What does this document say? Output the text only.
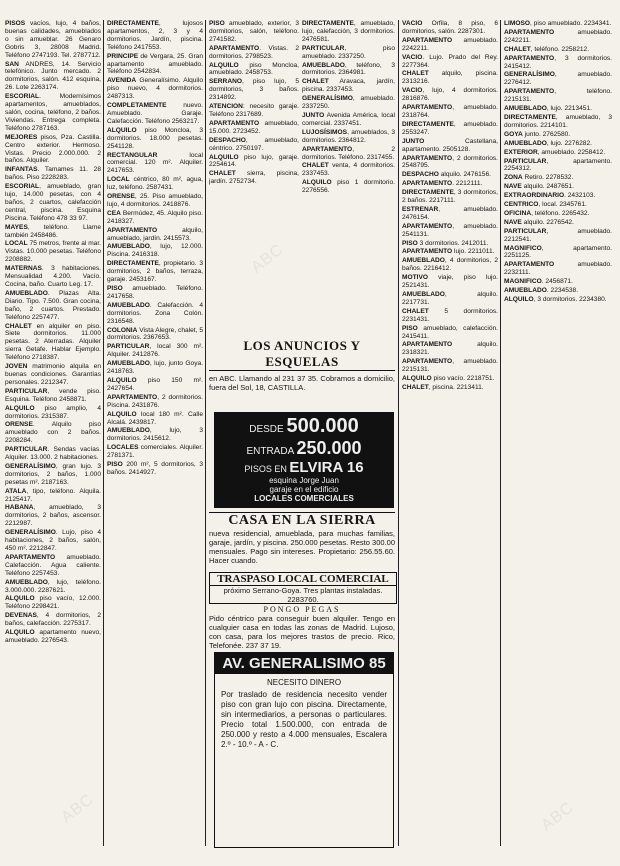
PISOS vacíos, lujo, 4 baños, buenas calidades, amueblados o sin amueblar. 26 Genaro Gobris 3, 28008 Madrid. Teléfono 2747193. Tel. 2787712.

SAN ANDRES, 14. Servicio telefónico. Junto mercado. 2 dormitorios, salón. 412 esquina, 26. Lote 2263174.

ESCORIAL. Modernísimos apartamentos, amueblados, salón, cocina, teléfono, 2 baños. Viviendas. Entrega completa. Teléfono 2787163.

MEJORES pisos, Pza. Castilla. Centro exterior. Hermoso. Vistas. Precio 2.000.000. 2 baños. Alquiler.

INFANTAS. Tamames 11. 28 baños. Piso 2228283.

ESCORIAL, amueblado, gran lujo, 14.000 pesetas, con 4 baños, 2 cuartos, calefacción central, piscina. Esquina Piscina. Teléfono 478 33 97.

MAYES, teléfono. Llame también 2458486.

LOCAL 75 metros, frente al mar. Vistas. 10.000 pesetas. Teléfono 2208882.

MATERNAS. 3 habitaciones. Mensualidad 4.200. Vacío. Cocina, baño. Cuarto Leg. 17.

AMUEBLADO. Plazas Alta. Diario. Tipo. 7.500. Gran cocina, baño, 2 cuartos. Prestado. Teléfono 2257477.

CHALET en alquiler en piso. Siete dormitorios. 11.000 pesetas. 2 Aterradas. Alquiler sierra Getafe. Hablar Ejemplo. Teléfono 2718387.

JOVEN matrimonio alquila en buenas condiciones. Garantías personales. 2212347.

PARTICULAR, vende piso. Esquina. Teléfono 2458871.

ALQUILO piso amplio, 4 dormitorios. 2315387.

ORENSE. Alquilo piso amueblado con 2 baños. 2208284.

PARTICULAR. Sendas vacías. Alquiler. 13.000. 2 habitaciones.

GENERALÍSIMO, gran lujo. 3 dormitorios, 2 baños, 1.000 pesetas m². 2187163.

ATALA, tipo, teléfono. Alquila. 2125417.

HABANA, amueblado, 3 dormitorios, 2 baños, ascensor. 2212987.

GENERALÍSIMO. Lujo, piso 4 habitaciones, 2 baños, salón, 450 m². 2212847.

APARTAMENTO amueblado. Calefacción. Agua caliente. Teléfono 2257453.

AMUEBLADO, lujo, teléfono. 3.000.000. 2287621.

ALQUILO piso vacío, 12.000. Teléfono 2298421.

DEVENAS, 4 dormitorios, 2 baños, calefacción. 2275317.

ALQUILO apartamento nuevo, amueblado. 2276543.

DIRECTAMENTE, lujosos apartamentos, 2, 3 y 4 dormitorios. Jardín, piscina. Teléfono 2417553.

PRINCIPE de Vergara, 25. Gran apartamento amueblado. Teléfono 2542834.

AVENIDA Generalísimo. Alquilo piso nuevo, 4 dormitorios. 2487313.

COMPLETAMENTE nuevo. Amueblado. Garaje. Calefacción. Teléfono 2563217.

ALQUILO piso Moncloa, 3 dormitorios. 18.000 pesetas. 2541128.

RECTANGULAR local comercial. 120 m². Alquiler. 2417653.

LOCAL céntrico, 80 m², agua, luz, teléfono. 2587431.

ORENSE, 25. Piso amueblado, lujo, 4 dormitorios. 2418876.

CEA Bermúdez, 45. Alquilo piso. 2418327.

APARTAMENTO alquilo, amueblado, jardín. 2415573.

AMUEBLADO, lujo, 12.000. Piscina. 2416318.

DIRECTAMENTE, propietario. 3 dormitorios, 2 baños, terraza, garaje. 2453167.

PISO amueblado. Teléfono. 2417658.

AMUEBLADO. Calefacción. 4 dormitorios. Zona Colón. 2316548.

COLONIA Vista Alegre, chalet, 5 dormitorios. 2367653.

PARTICULAR, local 300 m². Alquiler. 2412876.

AMUEBLADO, lujo, junto Goya. 2418763.

ALQUILO piso 150 m². 2427654.

APARTAMENTO, 2 dormitorios. Piscina. 2431876.

ALQUILO local 180 m². Calle Alcalá. 2439817.

AMUEBLADO, lujo, 3 dormitorios. 2415612.

LOCALES comerciales. Alquiler. 2781371.

PISO 200 m², 5 dormitorios, 3 baños. 2414927.

PISO amueblado, exterior, 3 dormitorios, salón, teléfono. 2741582.

APARTAMENTO. Vistas. 2 dormitorios. 2798523.

ALQUILO piso Moncloa, amueblado. 2458753.

SERRANO, piso lujo, 5 dormitorios, 3 baños. 2314892.

ATENCION: necesito garaje. Teléfono 2317689.

APARTAMENTO amueblado, 15.000. 2723452.

DESPACHO, amueblado, céntrico. 2750197.

ALQUILO piso lujo, garaje. 2254614.

CHALET sierra, piscina, jardín. 2752734.

DIRECTAMENTE, amueblado, lujo, calefacción, 3 dormitorios. 2476581.

PARTICULAR, piso amueblado. 2337250.

AMUEBLADO, teléfono, 3 dormitorios. 2364981.

CHALET Aravaca, jardín, piscina. 2337453.

GENERALÍSIMO, amueblado. 2337250.

JUNTO Avenida América, local comercial. 2337451.

LUJOSÍSIMOS, amueblados, 3 dormitorios. 2364812.

APARTAMENTO, 2 dormitorios. Teléfono. 2317455.

CHALET venta, 4 dormitorios. 2337453.

ALQUILO piso 1 dormitorio. 2276556.

VACIO Orfila, 8 piso, 6 dormitorios, salón. 2287301.

APARTAMENTO amueblado. 2242211.

VACIO. Lujo. Prado del Rey. 2277364.

CHALET alquilo, piscina. 2313216.

VACIO, lujo, 4 dormitorios. 2816876.

APARTAMENTO, amueblado. 2318764.

DIRECTAMENTE, amueblado. 2553247.

JUNTO Castellana, apartamento. 2505128.

APARTAMENTO, 2 dormitorios. 2548795.

DESPACHO alquilo. 2476156.

APARTAMENTO. 2212111.

DIRECTAMENTE, 3 dormitorios, 2 baños. 2217111.

ESTRENAR, amueblado. 2476154.

APARTAMENTO, amueblado. 2541131.

PISO 3 dormitorios. 2412011.

APARTAMENTO lujo. 2211011.

AMUEBLADO, 4 dormitorios, 2 baños. 2216412.

MOTIVO viaje, piso lujo. 2521431.

AMUEBLADO, alquilo. 2217731.

CHALET 5 dormitorios. 2231431.

PISO amueblado, calefacción. 2415411.

APARTAMENTO alquilo. 2318321.

APARTAMENTO, amueblado. 2215131.

ALQUILO piso vacío. 2218751.

CHALET, piscina. 2213411.

LIMOSO, piso amueblado. 2234341.

APARTAMENTO amueblado. 2242211.

CHALET, teléfono. 2258212.

APARTAMENTO, 3 dormitorios. 2415412.

GENERALÍSIMO, amueblado. 2276412.

APARTAMENTO, teléfono. 2215131.

AMUEBLADO, lujo. 2213451.

DIRECTAMENTE, amueblado, 3 dormitorios. 2214101.

GOYA junto. 2762580.

AMUEBLADO, lujo. 2276282.

EXTERIOR, amueblado. 2258412.

PARTICULAR, apartamento. 2254312.

ZONA Retiro. 2278532.

NAVE alquilo. 2487651.

EXTRAORDINARIO. 2432103.

CENTRICO, local. 2345761.

OFICINA, teléfono. 2265432.

NAVE alquilo. 2276542.

PARTICULAR, amueblado. 2212541.

MAGNIFICO, apartamento. 2251125.

APARTAMENTO amueblado. 2232111.

MAGNIFICO. 2456871.

AMUEBLADO. 2234538.

ALQUILO, 3 dormitorios. 2234380.

LOS ANUNCIOS Y ESQUELAS
en ABC. Llamando al 231 37 35. Cobramos a domicilio, fuera del Sol, 18, CASTILLA.
DESDE 500.000
ENTRADA 250.000
PISOS EN ELVIRA 16
esquina Jorge Juan
garaje en el edificio
LOCALES COMERCIALES
CASA EN LA SIERRA
nueva residencial, amueblada, para muchas familias, garaje, jardín, y piscina. 250.000 pesetas. Resto 300.00 mensuales. Pago sin intereses. Propietario: 256.55.60. Hacer cuando.
TRASPASO LOCAL COMERCIAL
próximo Serrano-Goya. Tres plantas instaladas. 2283760.
PONGO PEGAS
Pido céntrico para conseguir buen alquiler. Tengo en cualquier casa en todas las zonas de Madrid. Lujoso, con casa, para los mejores trastos de precio. Rico, Telefonée. 237 37 19.
AV. GENERALISIMO 85
NECESITO DINERO
Por traslado de residencia necesito vender piso con gran lujo con piscina. Directamente, sin intermediarios, a personas o particulares. Precio total 1.500.000, con entrada de 250.000 y resto a 4.000 mensuales, Escalera 2.º - 10.º - A - C.
ABC	ABC
ABC
